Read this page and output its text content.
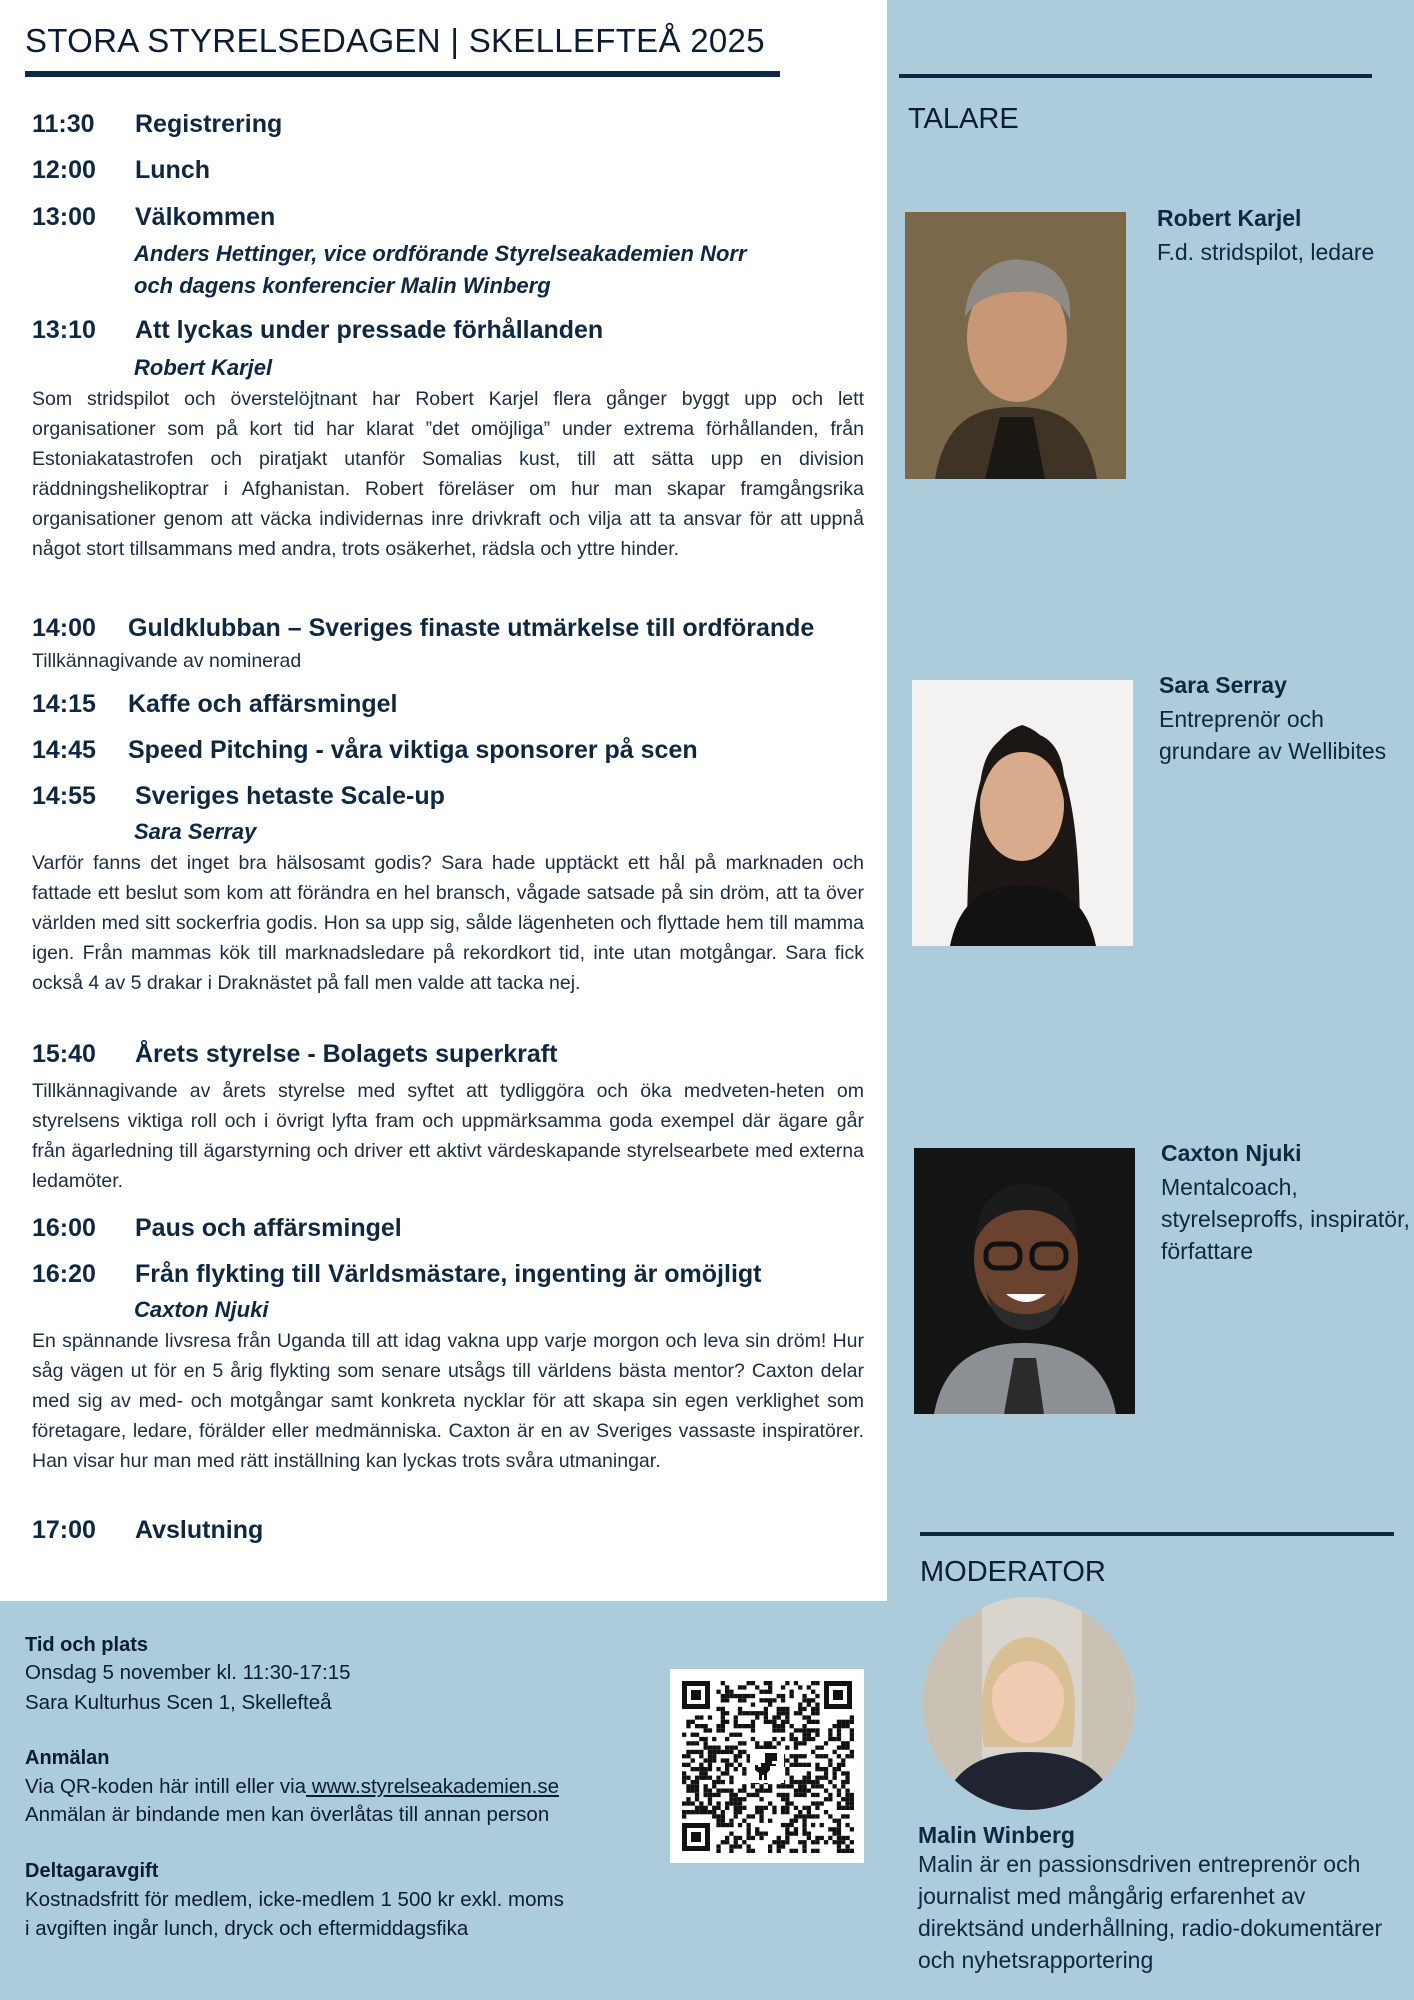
STORA STYRELSEDAGEN | SKELLEFTEÅ 2025
11:30 Registrering
12:00 Lunch
13:00 Välkommen
Anders Hettinger, vice ordförande Styrelseakademien Norr
och dagens konferencier Malin Winberg
13:10 Att lyckas under pressade förhållanden
Robert Karjel
Som stridspilot och överstelöjtnant har Robert Karjel flera gånger byggt upp och lett organisationer som på kort tid har klarat ”det omöjliga” under extrema förhållanden, från Estoniakatastrofen och piratjakt utanför Somalias kust, till att sätta upp en division räddningshelikoptrar i Afghanistan. Robert föreläser om hur man skapar framgångsrika organisationer genom att väcka individernas inre drivkraft och vilja att ta ansvar för att uppnå något stort tillsammans med andra, trots osäkerhet, rädsla och yttre hinder.
14:00 Guldklubban – Sveriges finaste utmärkelse till ordförande
Tillkännagivande av nominerad
14:15 Kaffe och affärsmingel
14:45 Speed Pitching - våra viktiga sponsorer på scen
14:55 Sveriges hetaste Scale-up
Sara Serray
Varför fanns det inget bra hälsosamt godis? Sara hade upptäckt ett hål på marknaden och fattade ett beslut som kom att förändra en hel bransch, vågade satsade på sin dröm, att ta över världen med sitt sockerfria godis. Hon sa upp sig, sålde lägenheten och flyttade hem till mamma igen. Från mammas kök till marknadsledare på rekordkort tid, inte utan motgångar. Sara fick också 4 av 5 drakar i Draknästet på fall men valde att tacka nej.
15:40 Årets styrelse - Bolagets superkraft
Tillkännagivande av årets styrelse med syftet att tydliggöra och öka medveten-heten om styrelsens viktiga roll och i övrigt lyfta fram och uppmärksamma goda exempel där ägare går från ägarledning till ägarstyrning och driver ett aktivt värdeskapande styrelsearbete med externa ledamöter.
16:00 Paus och affärsmingel
16:20 Från flykting till Världsmästare, ingenting är omöjligt
Caxton Njuki
En spännande livsresa från Uganda till att idag vakna upp varje morgon och leva sin dröm! Hur såg vägen ut för en 5 årig flykting som senare utsågs till världens bästa mentor? Caxton delar med sig av med- och motgångar samt konkreta nycklar för att skapa sin egen verklighet som företagare, ledare, förälder eller medmänniska. Caxton är en av Sveriges vassaste inspiratörer. Han visar hur man med rätt inställning kan lyckas trots svåra utmaningar.
17:00 Avslutning
Tid och plats
Onsdag 5 november kl. 11:30-17:15
Sara Kulturhus Scen 1, Skellefteå
Anmälan
Via QR-koden här intill eller via www.styrelseakademien.se
Anmälan är bindande men kan överlåtas till annan person
Deltagaravgift
Kostnadsfritt för medlem, icke-medlem 1 500 kr exkl. moms
i avgiften ingår lunch, dryck och eftermiddagsfika
TALARE
Robert Karjel
F.d. stridspilot, ledare
Sara Serray
Entreprenör och grundare av Wellibites
Caxton Njuki
Mentalcoach, styrelseproffs, inspiratör, författare
MODERATOR
Malin Winberg
Malin är en passionsdriven entreprenör och journalist med mångårig erfarenhet av direktsänd underhållning, radio-dokumentärer och nyhetsrapportering
